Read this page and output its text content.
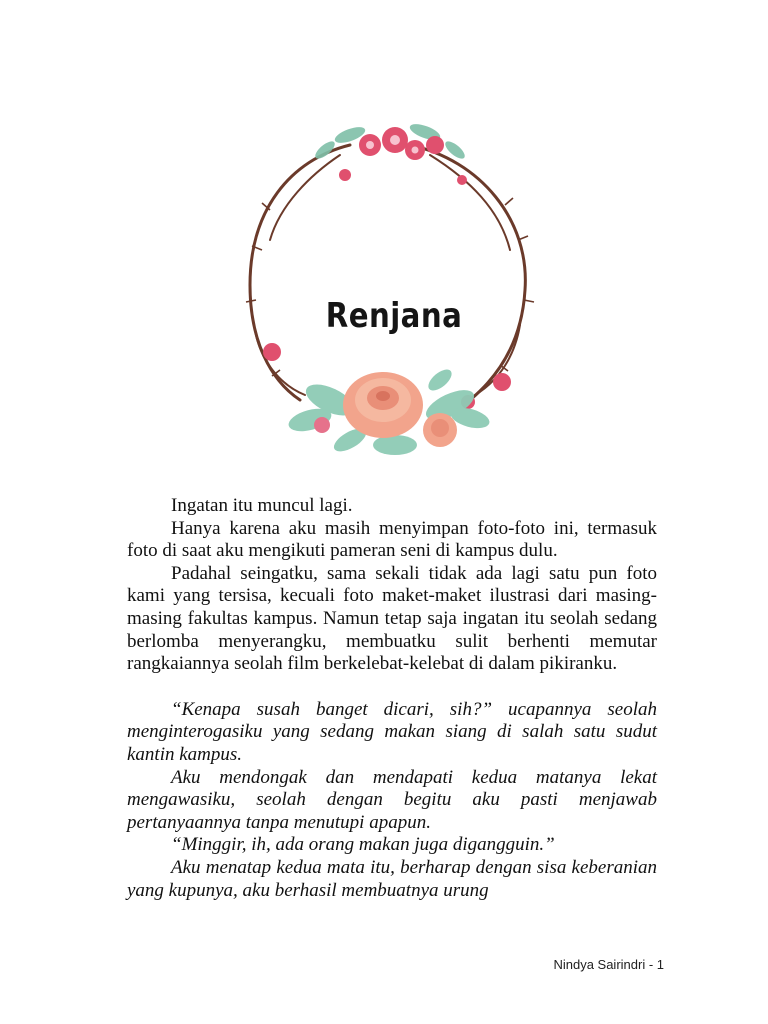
Renjana

Ingatan itu muncul lagi.

Hanya karena aku masih menyimpan foto-foto ini, termasuk foto di saat aku mengikuti pameran seni di kampus dulu.

Padahal seingatku, sama sekali tidak ada lagi satu pun foto kami yang tersisa, kecuali foto maket-maket ilustrasi dari masing-masing fakultas kampus. Namun tetap saja ingatan itu seolah sedang berlomba menyerangku, membuatku sulit berhenti memutar rangkaiannya seolah film berkelebat-kelebat di dalam pikiranku.

“Kenapa susah banget dicari, sih?” ucapannya seolah menginterogasiku yang sedang makan siang di salah satu sudut kantin kampus.

Aku mendongak dan mendapati kedua matanya lekat mengawasiku, seolah dengan begitu aku pasti menjawab pertanyaannya tanpa menutupi apapun.

“Minggir, ih, ada orang makan juga digangguin.”

Aku menatap kedua mata itu, berharap dengan sisa keberanian yang kupunya, aku berhasil membuatnya urung

Nindya Sairindri - 1
